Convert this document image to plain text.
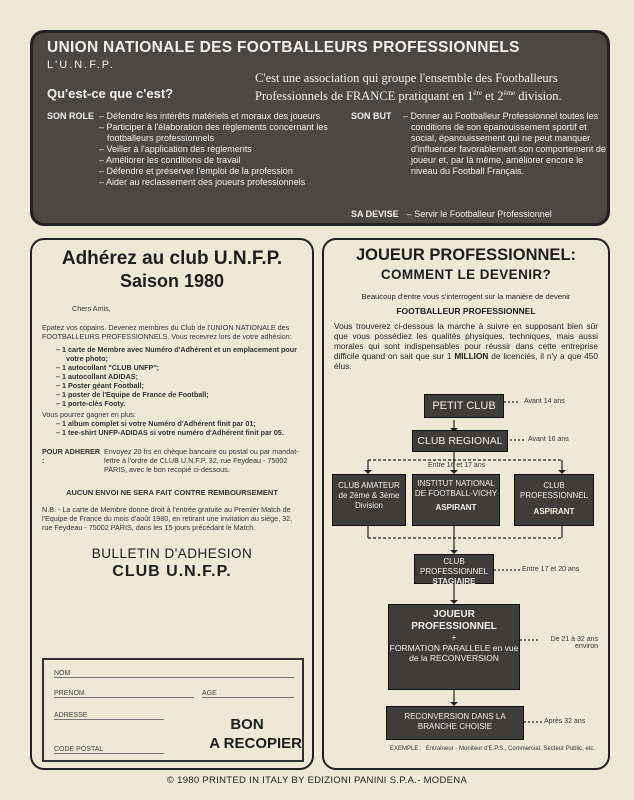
UNION NATIONALE DES FOOTBALLEURS PROFESSIONNELS
L'U.N.F.P.
Qu'est-ce que c'est?
C'est une association qui groupe l'ensemble des Footballeurs Professionnels de FRANCE pratiquant en 1ère et 2ème division.
SON ROLE – Défendre les intérêts matériels et moraux des joueurs
– Participer à l'élaboration des règlements concernant les footballeurs professionnels
– Veiller à l'application des règlements
– Améliorer les conditions de travail
– Défendre et préserver l'emploi de la profession
– Aider au reclassement des joueurs professionnels
SON BUT	– Donner au Footballeur Professionnel toutes les conditions de son épanouissement sportif et social, épanouissement qui ne peut manquer d'influencer favorablement son comportement de joueur et, par là même, améliorer encore le niveau du Football Français.
SA DEVISE – Servir le Footballeur Professionnel
Adhérez au club U.N.F.P.
Saison 1980
Chers Amis,
Epatez vos copains. Devenez membres du Club de l'UNION NATIONALE des FOOTBALLEURS PROFESSIONNELS. Vous recevrez lors de votre adhésion:
– 1 carte de Membre avec Numéro d'Adhérent et un emplacement pour votre photo;
– 1 autocollant "CLUB UNFP";
– 1 autocollant ADIDAS;
– 1 Poster géant Football;
– 1 poster de l'Equipe de France de Football;
– 1 porte-clés Footy.
Vous pourrez gagner en plus:
– 1 album complet si votre Numéro d'Adhérent finit par 01;
– 1 tee-shirt UNFP-ADIDAS si votre numéro d'Adhérent finit par 05.
POUR ADHERER :
Envoyez 20 frs en chèque bancaire ou postal ou par mandat-lettre à l'ordre de CLUB U.N.F.P. 32, rue Feydeau - 75002 PARIS, avec le bon recopié ci-dessous.
AUCUN ENVOI NE SERA FAIT CONTRE REMBOURSEMENT
N.B. - La carte de Membre donne droit à l'entrée gratuite au Premier Match de l'Equipe de France du mois d'août 1980, en retirant une invitation au siège, 32, rue Feydeau - 75002 PARIS, dans les 15 jours précédant le Match.
BULLETIN D'ADHESION
CLUB U.N.F.P.
NOM
PRENOM	AGE
ADRESSE
CODE POSTAL
BON
A RECOPIER
JOUEUR PROFESSIONNEL:
COMMENT LE DEVENIR?
Beaucoup d'entre vous s'interrogent sur la manière de devenir
FOOTBALLEUR PROFESSIONNEL
Vous trouverez ci-dessous la marche à suivre en supposant bien sûr que vous possédiez les qualités physiques, techniques, mais aussi morales qui sont indispensables pour réussir dans cette entreprise difficile quand on sait que sur 1 MILLION de licenciés, il n'y a que 450 élus.
PETIT CLUB	Avant 14 ans
CLUB REGIONAL	Avant 16 ans
Entre 16 et 17 ans
CLUB AMATEUR de 2ème & 3ème Division
INSTITUT NATIONAL DE FOOTBALL-VICHY
ASPIRANT
CLUB PROFESSIONNEL
ASPIRANT
CLUB PROFESSIONNEL
STAGIAIRE
Entre 17 et 20 ans
JOUEUR PROFESSIONNEL
+
FORMATION PARALLELE en vue de la RECONVERSION
De 21 à 32 ans environ
RECONVERSION DANS LA BRANCHE CHOISIE
Après 32 ans
EXEMPLE : Entraîneur - Moniteur d'E.P.S., Commercial, Secteur Public, etc.
© 1980 PRINTED IN ITALY BY EDIZIONI PANINI S.P.A.- MODENA
